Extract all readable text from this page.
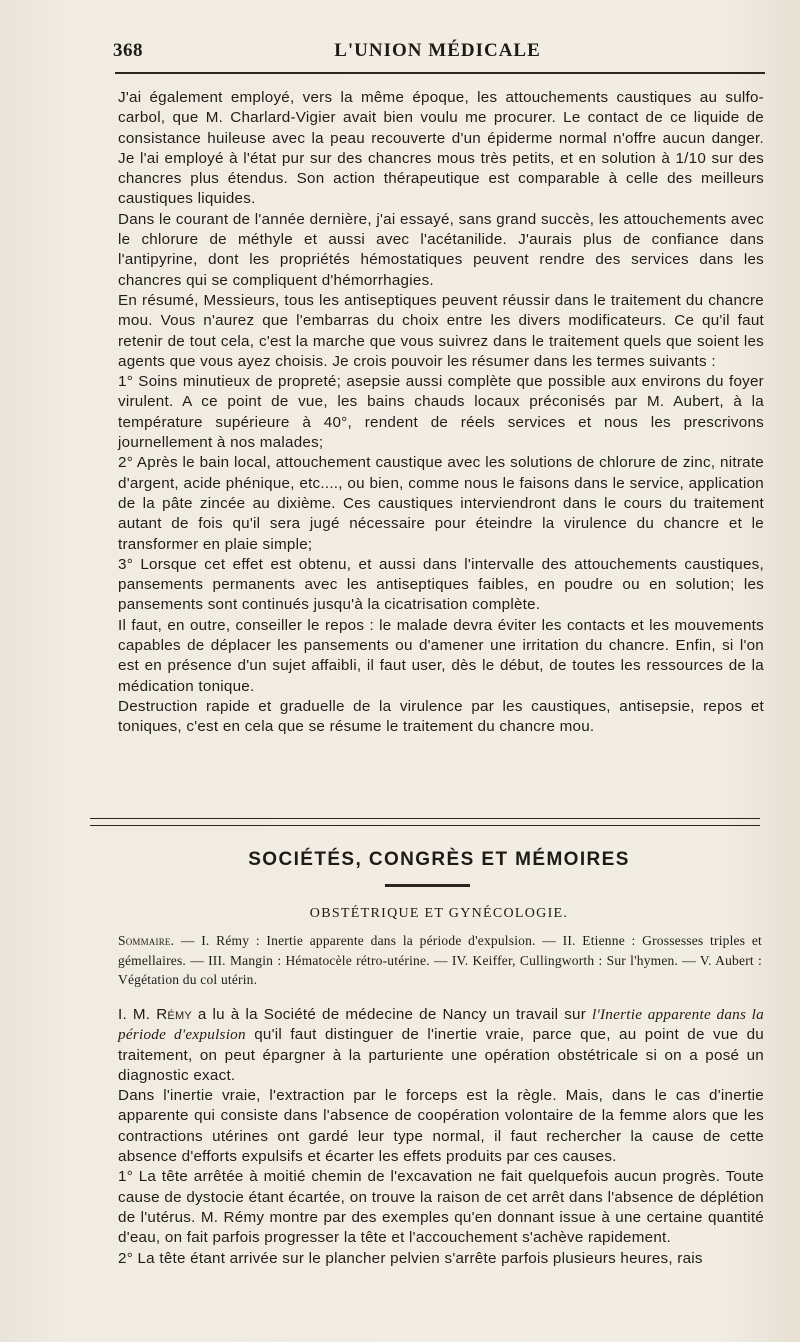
368	L'UNION MÉDICALE

J'ai également employé, vers la même époque, les attouchements caustiques au sulfo-carbol, que M. Charlard-Vigier avait bien voulu me procurer. Le contact de ce liquide de consistance huileuse avec la peau recouverte d'un épiderme normal n'offre aucun danger. Je l'ai employé à l'état pur sur des chancres mous très petits, et en solution à 1/10 sur des chancres plus étendus. Son action thérapeutique est comparable à celle des meilleurs caustiques liquides.

Dans le courant de l'année dernière, j'ai essayé, sans grand succès, les attouchements avec le chlorure de méthyle et aussi avec l'acétanilide. J'aurais plus de confiance dans l'antipyrine, dont les propriétés hémostatiques peuvent rendre des services dans les chancres qui se compliquent d'hémorrhagies.

En résumé, Messieurs, tous les antiseptiques peuvent réussir dans le traitement du chancre mou. Vous n'aurez que l'embarras du choix entre les divers modificateurs. Ce qu'il faut retenir de tout cela, c'est la marche que vous suivrez dans le traitement quels que soient les agents que vous ayez choisis. Je crois pouvoir les résumer dans les termes suivants :

1° Soins minutieux de propreté; asepsie aussi complète que possible aux environs du foyer virulent. A ce point de vue, les bains chauds locaux préconisés par M. Aubert, à la température supérieure à 40°, rendent de réels services et nous les prescrivons journellement à nos malades;

2° Après le bain local, attouchement caustique avec les solutions de chlorure de zinc, nitrate d'argent, acide phénique, etc...., ou bien, comme nous le faisons dans le service, application de la pâte zincée au dixième. Ces caustiques interviendront dans le cours du traitement autant de fois qu'il sera jugé nécessaire pour éteindre la virulence du chancre et le transformer en plaie simple;

3° Lorsque cet effet est obtenu, et aussi dans l'intervalle des attouchements caustiques, pansements permanents avec les antiseptiques faibles, en poudre ou en solution; les pansements sont continués jusqu'à la cicatrisation complète.

Il faut, en outre, conseiller le repos : le malade devra éviter les contacts et les mouvements capables de déplacer les pansements ou d'amener une irritation du chancre. Enfin, si l'on est en présence d'un sujet affaibli, il faut user, dès le début, de toutes les ressources de la médication tonique.

Destruction rapide et graduelle de la virulence par les caustiques, antisepsie, repos et toniques, c'est en cela que se résume le traitement du chancre mou.

SOCIÉTÉS, CONGRÈS ET MÉMOIRES
OBSTÉTRIQUE ET GYNÉCOLOGIE.
Sommaire. — I. Rémy : Inertie apparente dans la période d'expulsion. — II. Etienne : Grossesses triples et gémellaires. — III. Mangin : Hématocèle rétro-utérine. — IV. Keiffer, Cullingworth : Sur l'hymen. — V. Aubert : Végétation du col utérin.

I. M. Rémy a lu à la Société de médecine de Nancy un travail sur l'Inertie apparente dans la période d'expulsion qu'il faut distinguer de l'inertie vraie, parce que, au point de vue du traitement, on peut épargner à la parturiente une opération obstétricale si on a posé un diagnostic exact.

Dans l'inertie vraie, l'extraction par le forceps est la règle. Mais, dans le cas d'inertie apparente qui consiste dans l'absence de coopération volontaire de la femme alors que les contractions utérines ont gardé leur type normal, il faut rechercher la cause de cette absence d'efforts expulsifs et écarter les effets produits par ces causes.

1° La tête arrêtée à moitié chemin de l'excavation ne fait quelquefois aucun progrès. Toute cause de dystocie étant écartée, on trouve la raison de cet arrêt dans l'absence de déplétion de l'utérus. M. Rémy montre par des exemples qu'en donnant issue à une certaine quantité d'eau, on fait parfois progresser la tête et l'accouchement s'achève rapidement.

2° La tête étant arrivée sur le plancher pelvien s'arrête parfois plusieurs heures, rais
